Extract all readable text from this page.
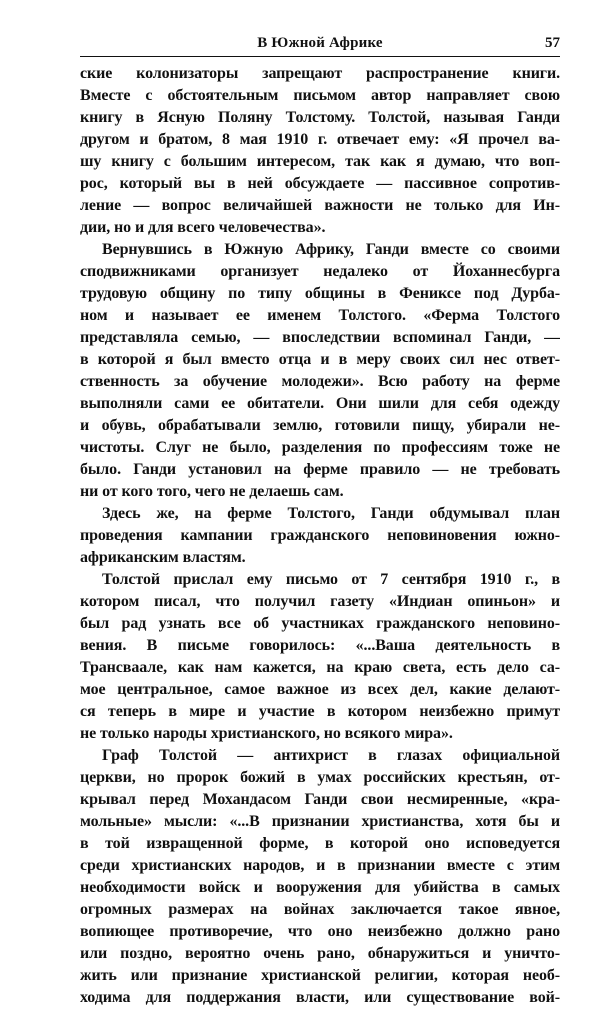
В Южной Африке	57

ские колонизаторы запрещают распространение книги.
Вместе с обстоятельным письмом автор направляет свою
книгу в Ясную Поляну Толстому. Толстой, называя Ганди
другом и братом, 8 мая 1910 г. отвечает ему: «Я прочел ва-
шу книгу с большим интересом, так как я думаю, что воп-
рос, который вы в ней обсуждаете — пассивное сопротив-
ление — вопрос величайшей важности не только для Ин-
дии, но и для всего человечества».

Вернувшись в Южную Африку, Ганди вместе со своими
сподвижниками организует недалеко от Йоханнесбурга
трудовую общину по типу общины в Фениксе под Дурба-
ном и называет ее именем Толстого. «Ферма Толстого
представляла семью, — впоследствии вспоминал Ганди, —
в которой я был вместо отца и в меру своих сил нес ответ-
ственность за обучение молодежи». Всю работу на ферме
выполняли сами ее обитатели. Они шили для себя одежду
и обувь, обрабатывали землю, готовили пищу, убирали не-
чистоты. Слуг не было, разделения по профессиям тоже не
было. Ганди установил на ферме правило — не требовать
ни от кого того, чего не делаешь сам.

Здесь же, на ферме Толстого, Ганди обдумывал план
проведения кампании гражданского неповиновения южно-
африканским властям.

Толстой прислал ему письмо от 7 сентября 1910 г., в
котором писал, что получил газету «Индиан опиньон» и
был рад узнать все об участниках гражданского неповино-
вения. В письме говорилось: «...Ваша деятельность в
Трансваале, как нам кажется, на краю света, есть дело са-
мое центральное, самое важное из всех дел, какие делают-
ся теперь в мире и участие в котором неизбежно примут
не только народы христианского, но всякого мира».

Граф Толстой — антихрист в глазах официальной
церкви, но пророк божий в умах российских крестьян, от-
крывал перед Мохандасом Ганди свои несмиренные, «кра-
мольные» мысли: «...В признании христианства, хотя бы и
в той извращенной форме, в которой оно исповедуется
среди христианских народов, и в признании вместе с этим
необходимости войск и вооружения для убийства в самых
огромных размерах на войнах заключается такое явное,
вопиющее противоречие, что оно неизбежно должно рано
или поздно, вероятно очень рано, обнаружиться и уничто-
жить или признание христианской религии, которая необ-
ходима для поддержания власти, или существование вой-
